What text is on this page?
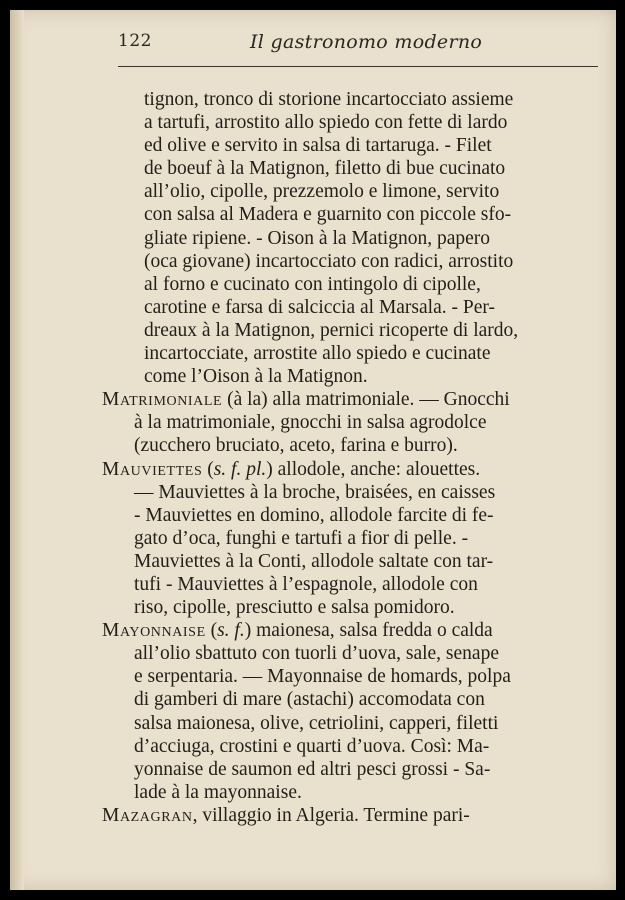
122	Il gastronomo moderno
tignon, tronco di storione incartocciato assieme
a tartufi, arrostito allo spiedo con fette di lardo
ed olive e servito in salsa di tartaruga. - Filet
de boeuf à la Matignon, filetto di bue cucinato
all’olio, cipolle, prezzemolo e limone, servito
con salsa al Madera e guarnito con piccole sfo-
gliate ripiene. - Oison à la Matignon, papero
(oca giovane) incartocciato con radici, arrostito
al forno e cucinato con intingolo di cipolle,
carotine e farsa di salciccia al Marsala. - Per-
dreaux à la Matignon, pernici ricoperte di lardo,
incartocciate, arrostite allo spiedo e cucinate
come l’Oison à la Matignon.
Matrimoniale (à la) alla matrimoniale. — Gnocchi
à la matrimoniale, gnocchi in salsa agrodolce
(zucchero bruciato, aceto, farina e burro).
Mauviettes (s. f. pl.) allodole, anche: alouettes.
— Mauviettes à la broche, braisées, en caisses
- Mauviettes en domino, allodole farcite di fe-
gato d’oca, funghi e tartufi a fior di pelle. -
Mauviettes à la Conti, allodole saltate con tar-
tufi - Mauviettes à l’espagnole, allodole con
riso, cipolle, presciutto e salsa pomidoro.
Mayonnaise (s. f.) maionesa, salsa fredda o calda
all’olio sbattuto con tuorli d’uova, sale, senape
e serpentaria. — Mayonnaise de homards, polpa
di gamberi di mare (astachi) accomodata con
salsa maionesa, olive, cetriolini, capperi, filetti
d’acciuga, crostini e quarti d’uova. Così: Ma-
yonnaise de saumon ed altri pesci grossi - Sa-
lade à la mayonnaise.
Mazagran, villaggio in Algeria. Termine pari-
